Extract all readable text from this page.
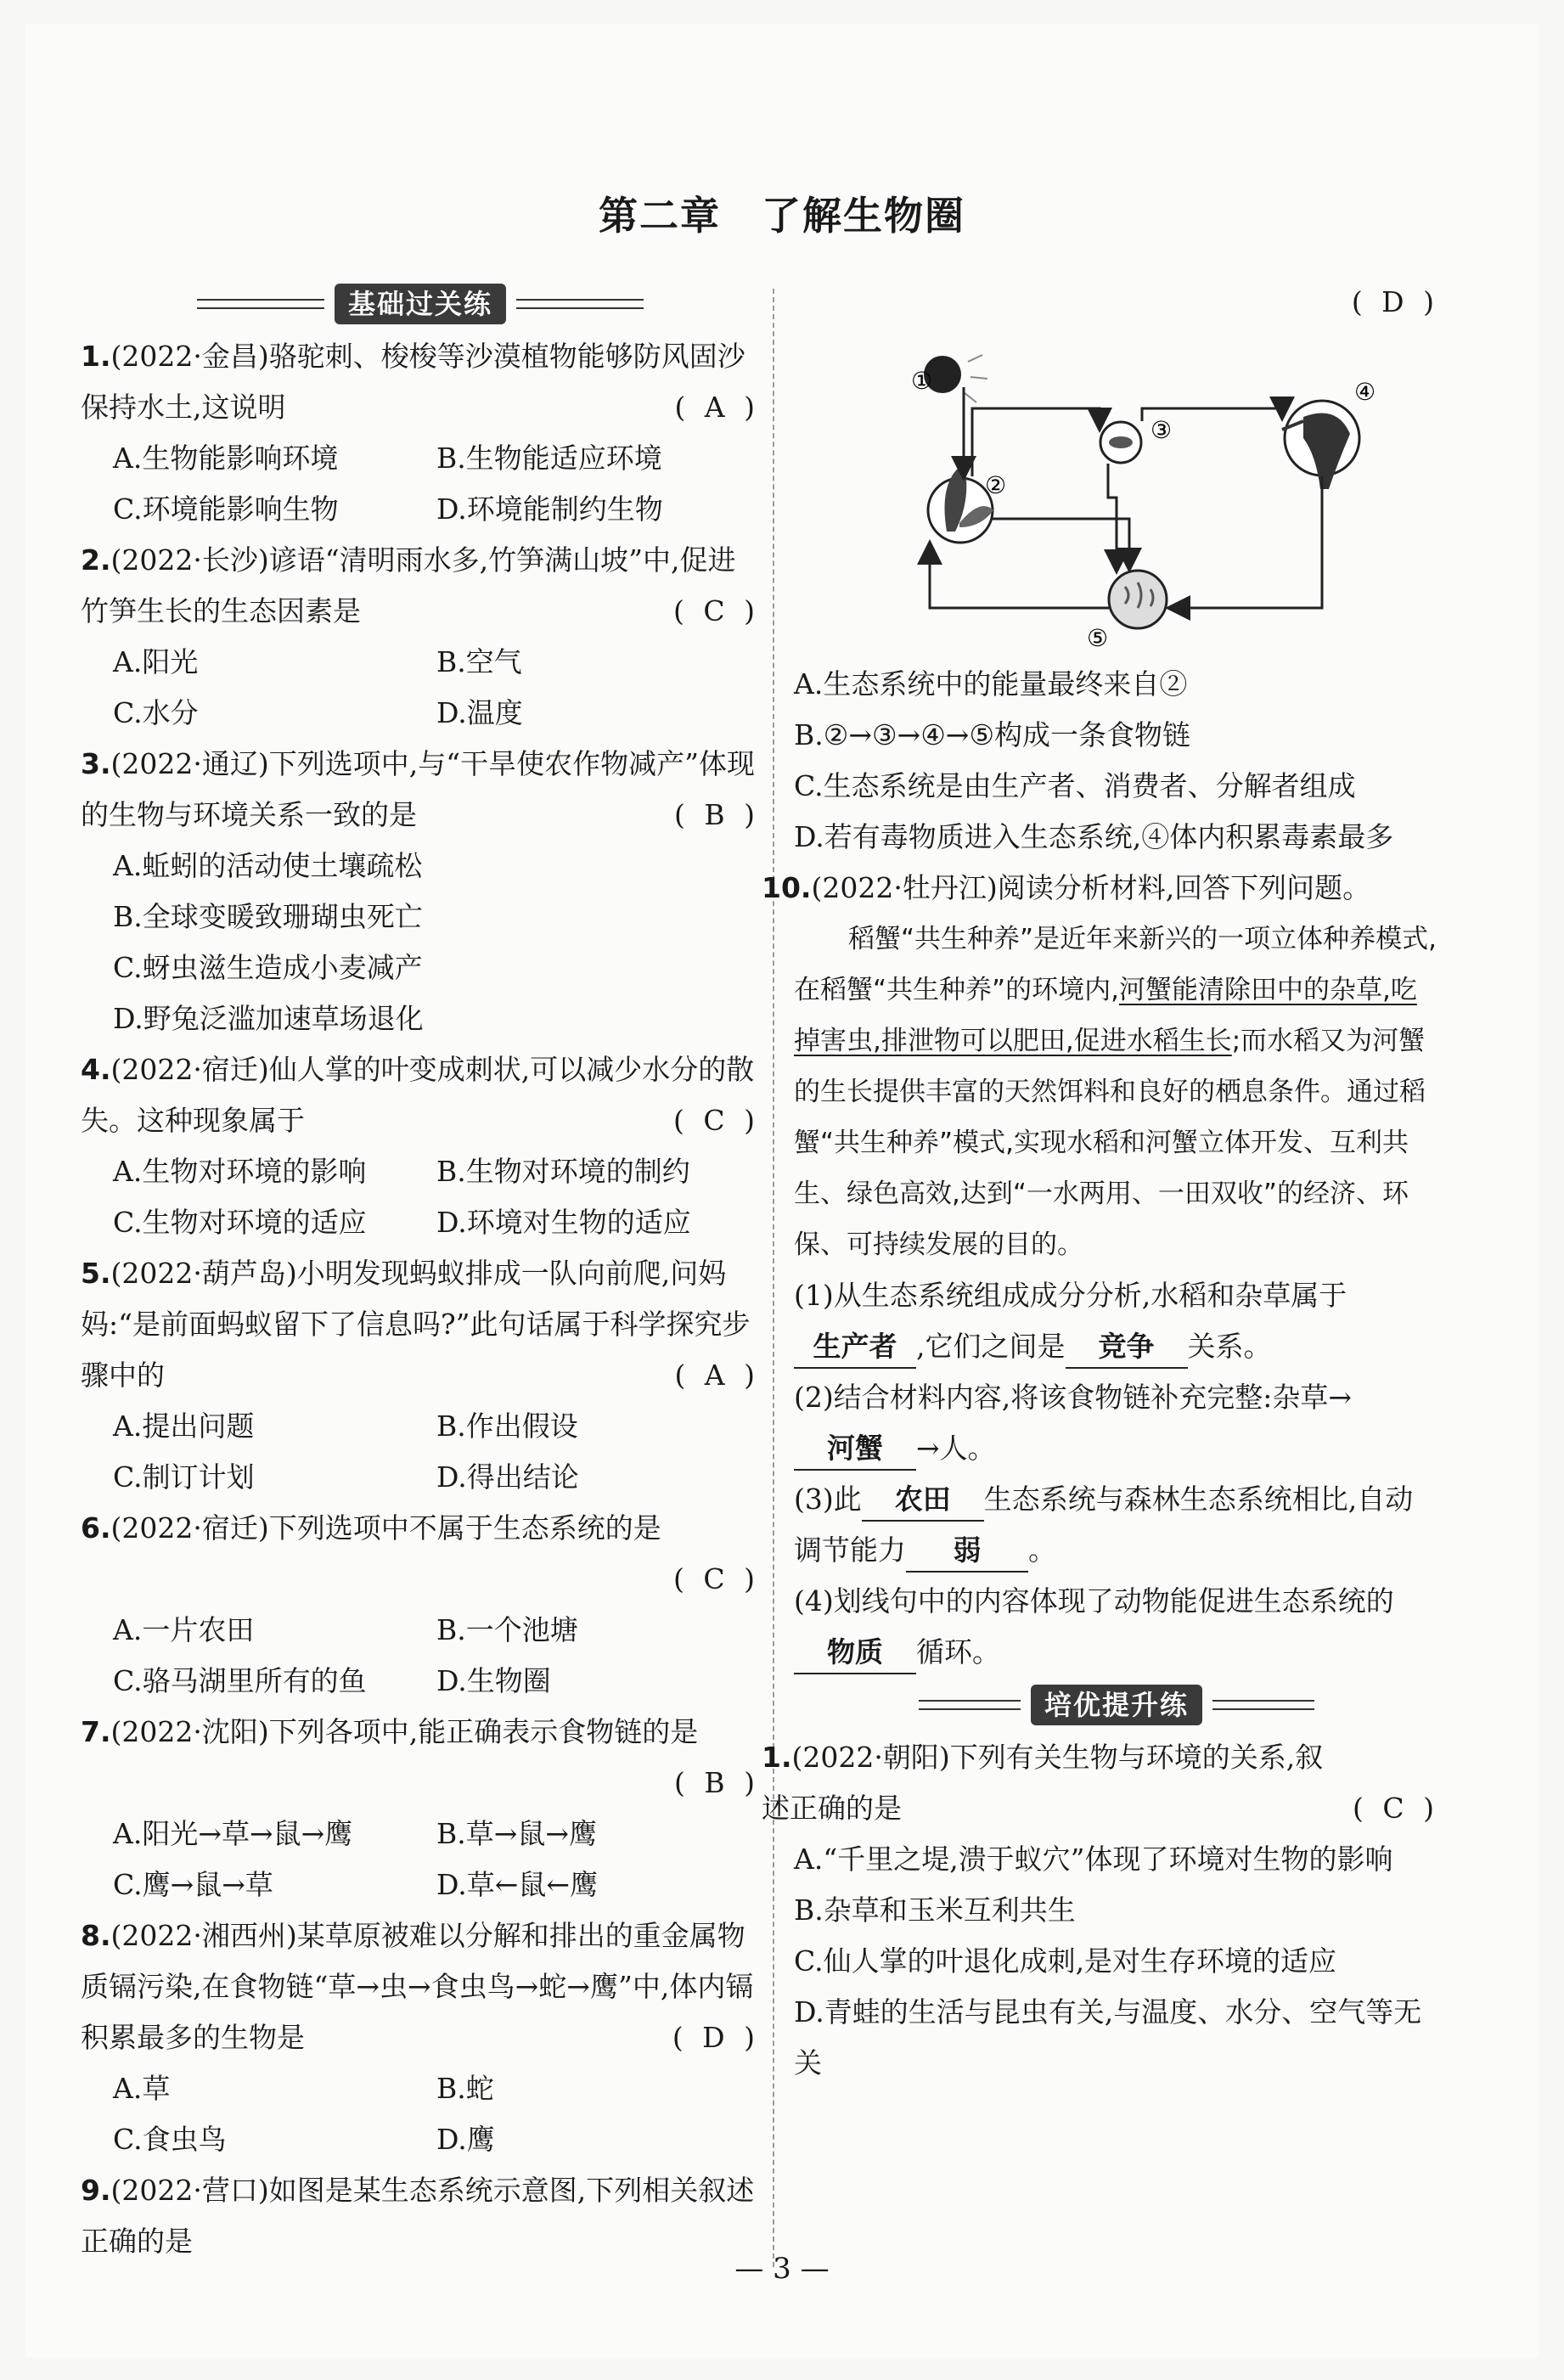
第二章　了解生物圈
基础过关练
1.(2022·金昌)骆驼刺、梭梭等沙漠植物能够防风固沙保持水土,这说明　　　　	( A )
A.生物能影响环境	B.生物能适应环境
C.环境能影响生物	D.环境能制约生物
2.(2022·长沙)谚语“清明雨水多,竹笋满山坡”中,促进竹笋生长的生态因素是　　　　	( C )
A.阳光	B.空气
C.水分	D.温度
3.(2022·通辽)下列选项中,与“干旱使农作物减产”体现的生物与环境关系一致的是　　　　	( B )
A.蚯蚓的活动使土壤疏松
B.全球变暖致珊瑚虫死亡
C.蚜虫滋生造成小麦减产
D.野兔泛滥加速草场退化
4.(2022·宿迁)仙人掌的叶变成刺状,可以减少水分的散失。这种现象属于　　　　	( C )
A.生物对环境的影响	B.生物对环境的制约
C.生物对环境的适应	D.环境对生物的适应
5.(2022·葫芦岛)小明发现蚂蚁排成一队向前爬,问妈妈:“是前面蚂蚁留下了信息吗?”此句话属于科学探究步骤中的　　　　	( A )
A.提出问题	B.作出假设
C.制订计划	D.得出结论
6.(2022·宿迁)下列选项中不属于生态系统的是
( C )
A.一片农田	B.一个池塘
C.骆马湖里所有的鱼	D.生物圈
7.(2022·沈阳)下列各项中,能正确表示食物链的是
( B )
A.阳光→草→鼠→鹰	B.草→鼠→鹰
C.鹰→鼠→草	D.草←鼠←鹰
8.(2022·湘西州)某草原被难以分解和排出的重金属物质镉污染,在食物链“草→虫→食虫鸟→蛇→鹰”中,体内镉积累最多的生物是　　　　	( D )
A.草	B.蛇
C.食虫鸟	D.鹰
9.(2022·营口)如图是某生态系统示意图,下列相关叙述正确的是
( D )
①
②
③
④
⑤
A.生态系统中的能量最终来自②
B.②→③→④→⑤构成一条食物链
C.生态系统是由生产者、消费者、分解者组成
D.若有毒物质进入生态系统,④体内积累毒素最多
10.(2022·牡丹江)阅读分析材料,回答下列问题。
稻蟹“共生种养”是近年来新兴的一项立体种养模式,在稻蟹“共生种养”的环境内,河蟹能清除田中的杂草,吃掉害虫,排泄物可以肥田,促进水稻生长;而水稻又为河蟹的生长提供丰富的天然饵料和良好的栖息条件。通过稻蟹“共生种养”模式,实现水稻和河蟹立体开发、互利共生、绿色高效,达到“一水两用、一田双收”的经济、环保、可持续发展的目的。
(1)从生态系统组成成分分析,水稻和杂草属于
生产者 ,它们之间是 竞争 关系。
(2)结合材料内容,将该食物链补充完整:杂草→河蟹 →人。
(3)此 农田 生态系统与森林生态系统相比,自动调节能力 弱 。
(4)划线句中的内容体现了动物能促进生态系统的物质 循环。
培优提升练
1.(2022·朝阳)下列有关生物与环境的关系,叙述正确的是	( C )
A.“千里之堤,溃于蚁穴”体现了环境对生物的影响
B.杂草和玉米互利共生
C.仙人掌的叶退化成刺,是对生存环境的适应
D.青蛙的生活与昆虫有关,与温度、水分、空气等无关
— 3 —
